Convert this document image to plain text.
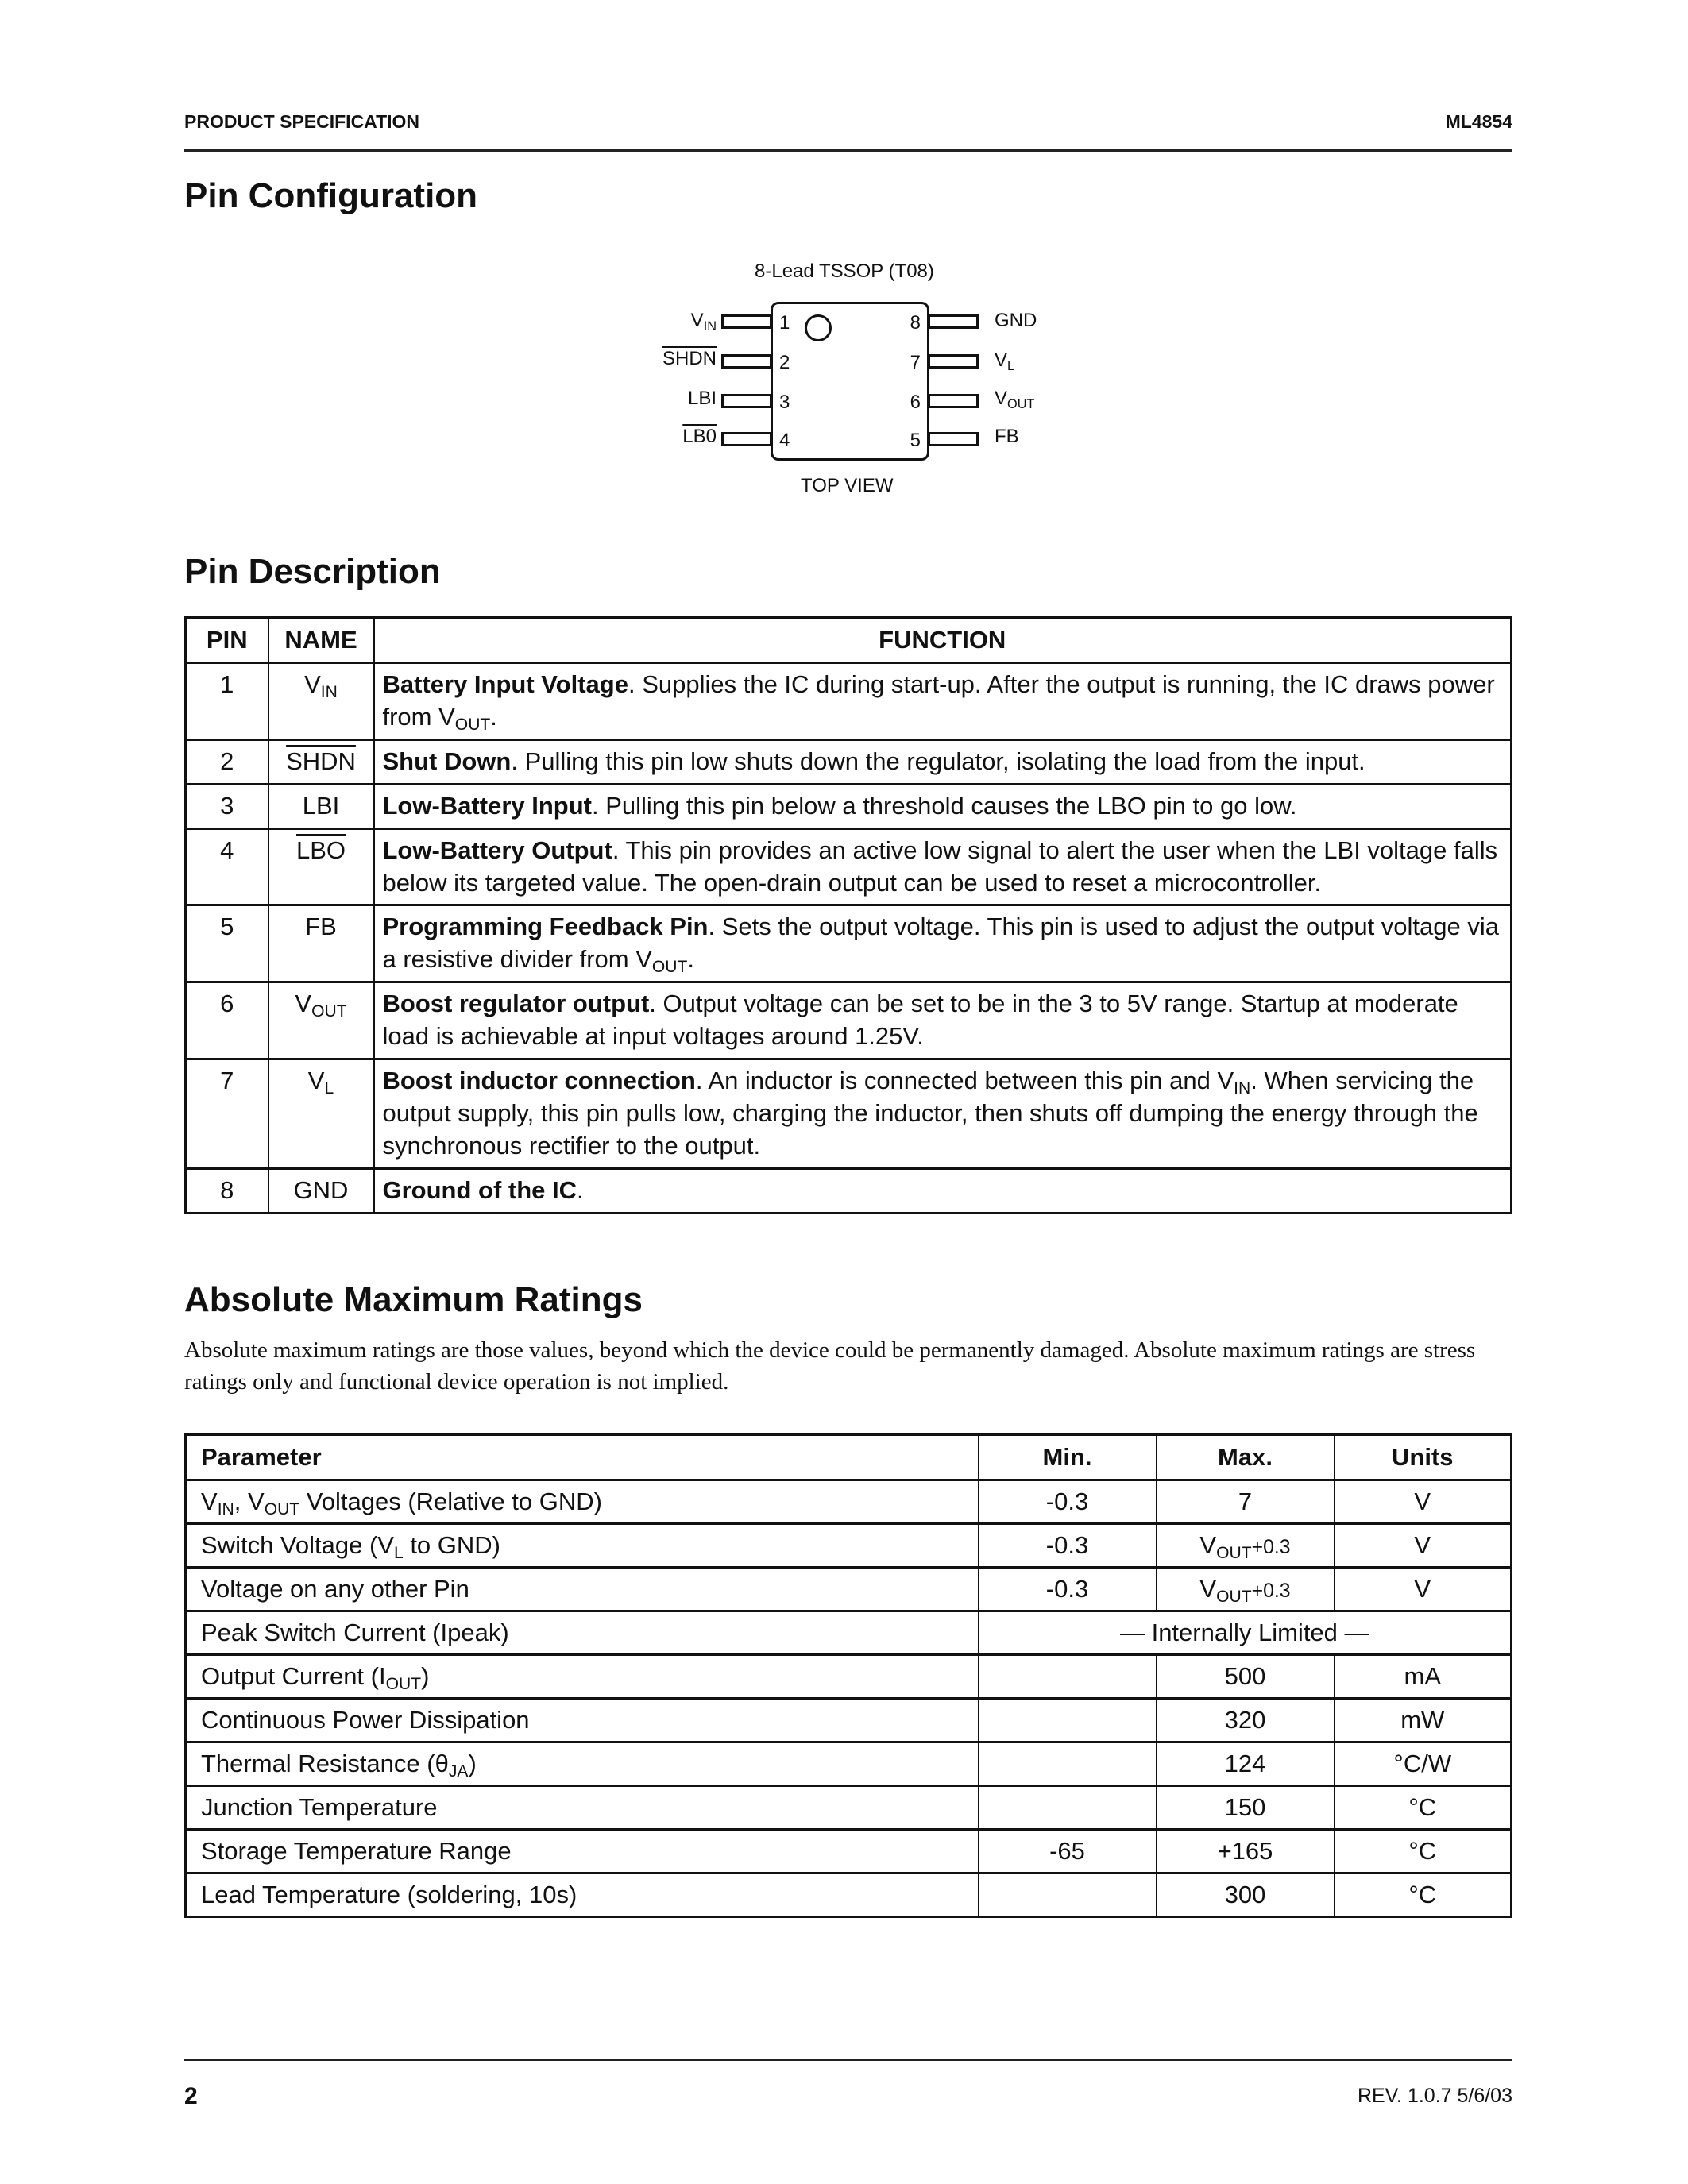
PRODUCT SPECIFICATION	ML4854
Pin Configuration
8-Lead TSSOP (T08)
1
2
3
4
8
7
6
5
VIN
SHDN
LBI
LB0
GND
VL
VOUT
FB
TOP VIEW
Pin Description
PIN	NAME	FUNCTION
1	VIN	Battery Input Voltage. Supplies the IC during start-up. After the output is running, the IC draws power from VOUT.
2	SHDN	Shut Down. Pulling this pin low shuts down the regulator, isolating the load from the input.
3	LBI	Low-Battery Input. Pulling this pin below a threshold causes the LBO pin to go low.
4	$\overline{LBO}$	Low-Battery Output. This pin provides an active low signal to alert the user when the LBI voltage falls below its targeted value. The open-drain output can be used to reset a microcontroller.
5	FB	Programming Feedback Pin. Sets the output voltage. This pin is used to adjust the output voltage via a resistive divider from VOUT.
6	VOUT	Boost regulator output. Output voltage can be set to be in the 3 to 5V range. Startup at moderate load is achievable at input voltages around 1.25V.
7	VL	Boost inductor connection. An inductor is connected between this pin and VIN. When servicing the output supply, this pin pulls low, charging the inductor, then shuts off dumping the energy through the synchronous rectifier to the output.
8	GND	Ground of the IC.
Absolute Maximum Ratings
Absolute maximum ratings are those values, beyond which the device could be permanently damaged. Absolute maximum ratings are stress ratings only and functional device operation is not implied.
Parameter	Min.	Max.	Units
VIN, VOUT Voltages (Relative to GND)	-0.3	7	V
Switch Voltage (VL to GND)	-0.3	VOUT+0.3	V
Voltage on any other Pin	-0.3	VOUT+0.3	V
Peak Switch Current (Ipeak)	— Internally Limited —		
Output Current (IOUT)		500	mA
Continuous Power Dissipation		320	mW
Thermal Resistance (θJA)		124	°C/W
Junction Temperature		150	°C
Storage Temperature Range	-65	+165	°C
Lead Temperature (soldering, 10s)		300	°C
2	REV. 1.0.7 5/6/03
